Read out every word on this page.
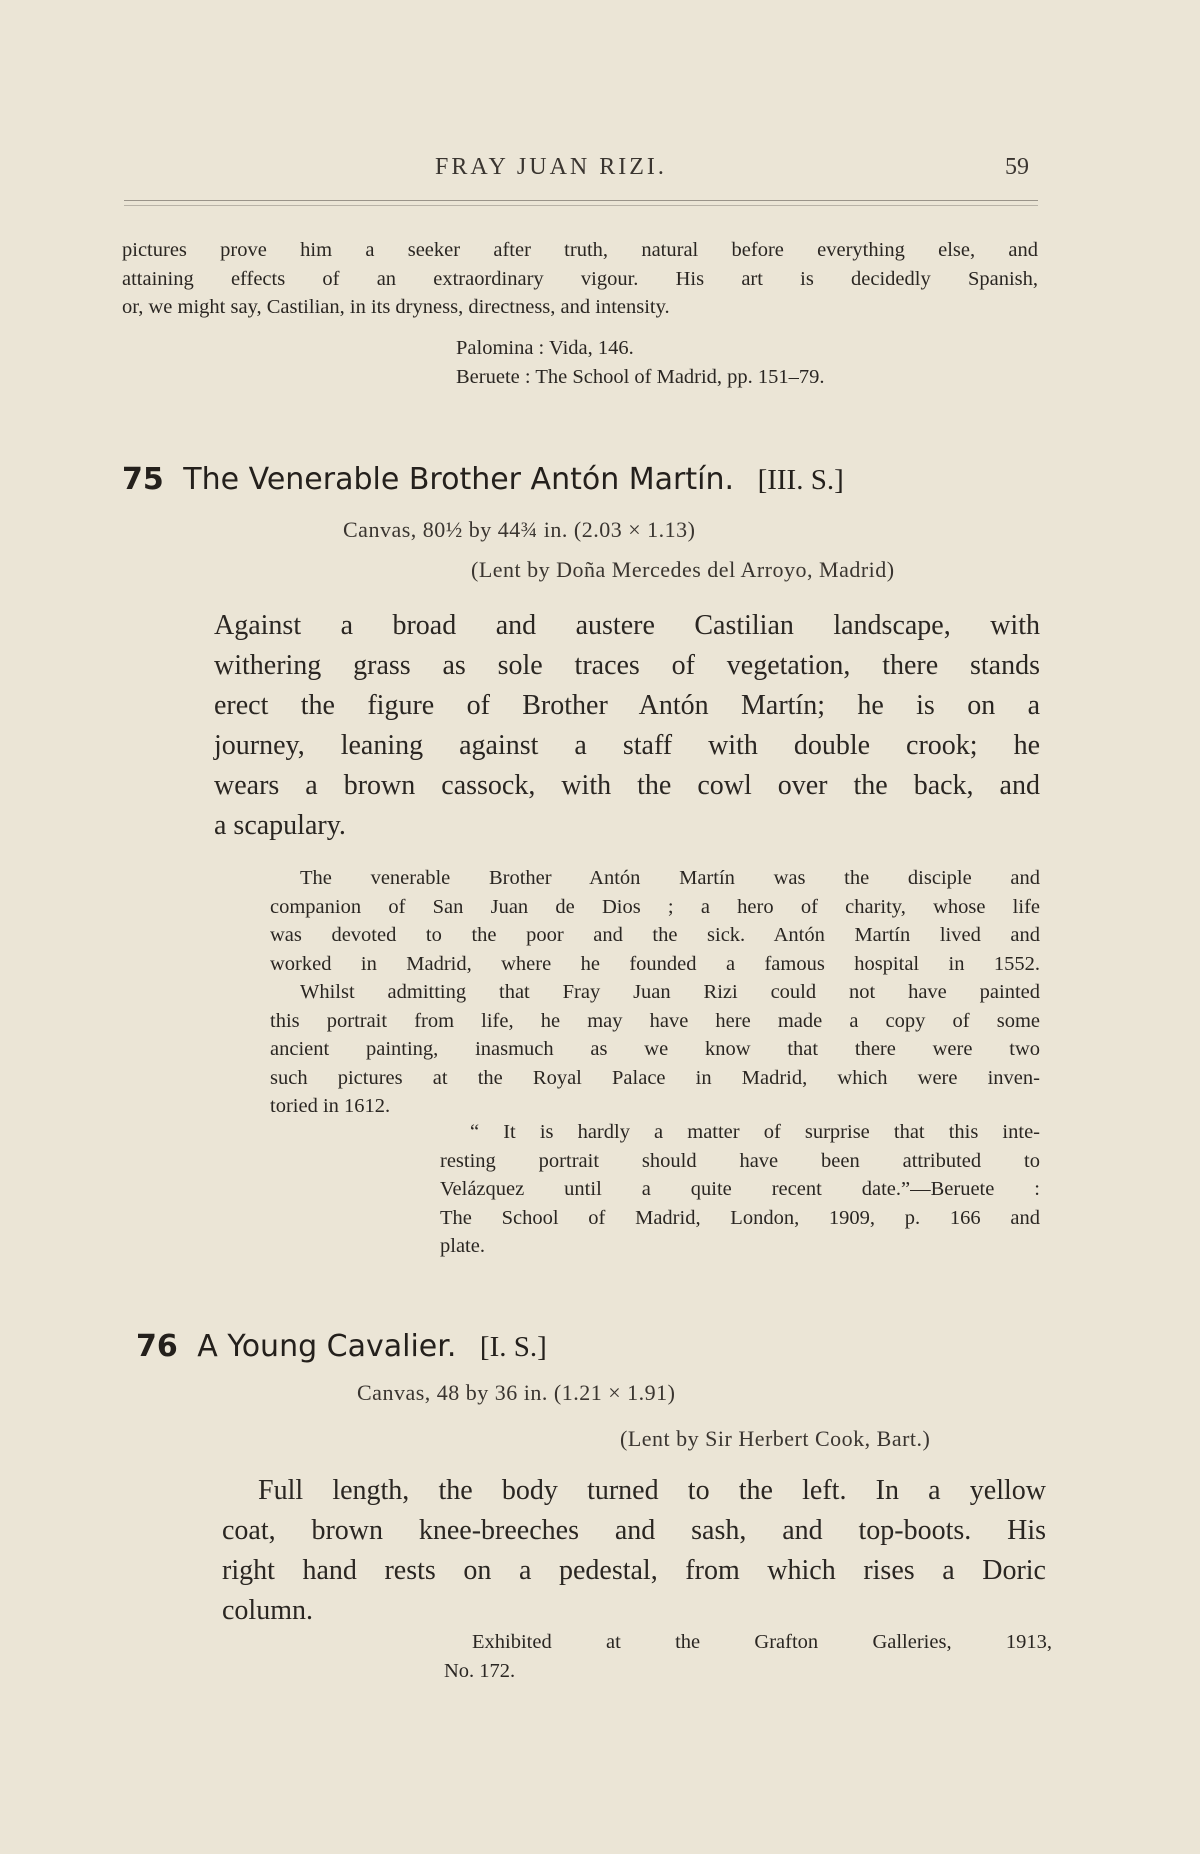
FRAY JUAN RIZI.	59
pictures prove him a seeker after truth, natural before everything else, and
attaining effects of an extraordinary vigour. His art is decidedly Spanish,
or, we might say, Castilian, in its dryness, directness, and intensity.
Palomina : Vida, 146.
Beruete : The School of Madrid, pp. 151–79.
75 The Venerable Brother Antón Martín. [III. S.]
Canvas, 80½ by 44¾ in. (2.03 × 1.13)
(Lent by Doña Mercedes del Arroyo, Madrid)
Against a broad and austere Castilian landscape, with
withering grass as sole traces of vegetation, there stands
erect the figure of Brother Antón Martín; he is on a
journey, leaning against a staff with double crook; he
wears a brown cassock, with the cowl over the back, and
a scapulary.
The venerable Brother Antón Martín was the disciple and
companion of San Juan de Dios ; a hero of charity, whose life
was devoted to the poor and the sick. Antón Martín lived and
worked in Madrid, where he founded a famous hospital in 1552.
Whilst admitting that Fray Juan Rizi could not have painted
this portrait from life, he may have here made a copy of some
ancient painting, inasmuch as we know that there were two
such pictures at the Royal Palace in Madrid, which were inven-
toried in 1612.
“ It is hardly a matter of surprise that this inte-
resting portrait should have been attributed to
Velázquez until a quite recent date.”—Beruete :
The School of Madrid, London, 1909, p. 166 and
plate.
76 A Young Cavalier. [I. S.]
Canvas, 48 by 36 in. (1.21 × 1.91)
(Lent by Sir Herbert Cook, Bart.)
Full length, the body turned to the left. In a yellow
coat, brown knee-breeches and sash, and top-boots. His
right hand rests on a pedestal, from which rises a Doric
column.
Exhibited at the Grafton Galleries, 1913,
No. 172.
